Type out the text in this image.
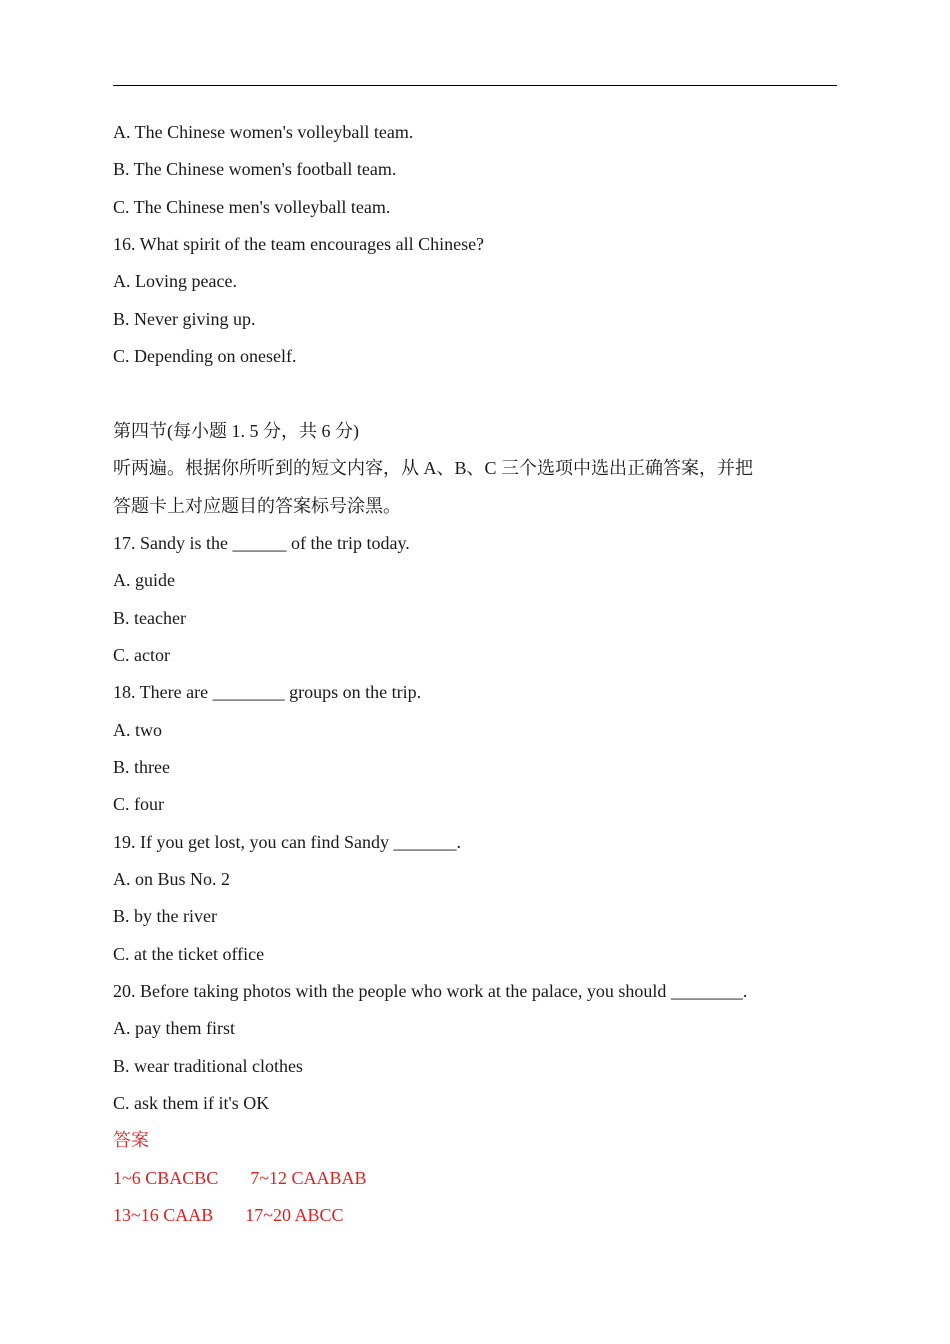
A. The Chinese women's volleyball team.
B. The Chinese women's football team.
C. The Chinese men's volleyball team.
16. What spirit of the team encourages all Chinese?
A. Loving peace.
B. Never giving up.
C. Depending on oneself.
第四节(每小题 1. 5 分，共 6 分)
听两遍。根据你所听到的短文内容，从 A、B、C 三个选项中选出正确答案，并把
答题卡上对应题目的答案标号涂黑。
17. Sandy is the ______ of the trip today.
A. guide
B. teacher
C. actor
18. There are ________ groups on the trip.
A. two
B. three
C. four
19. If you get lost, you can find Sandy _______.
A. on Bus No. 2
B. by the river
C. at the ticket office
20. Before taking photos with the people who work at the palace, you should ________.
A. pay them first
B. wear traditional clothes
C. ask them if it's OK
答案
1~6 CBACBC 7~12 CAABAB
13~16 CAAB 17~20 ABCC
